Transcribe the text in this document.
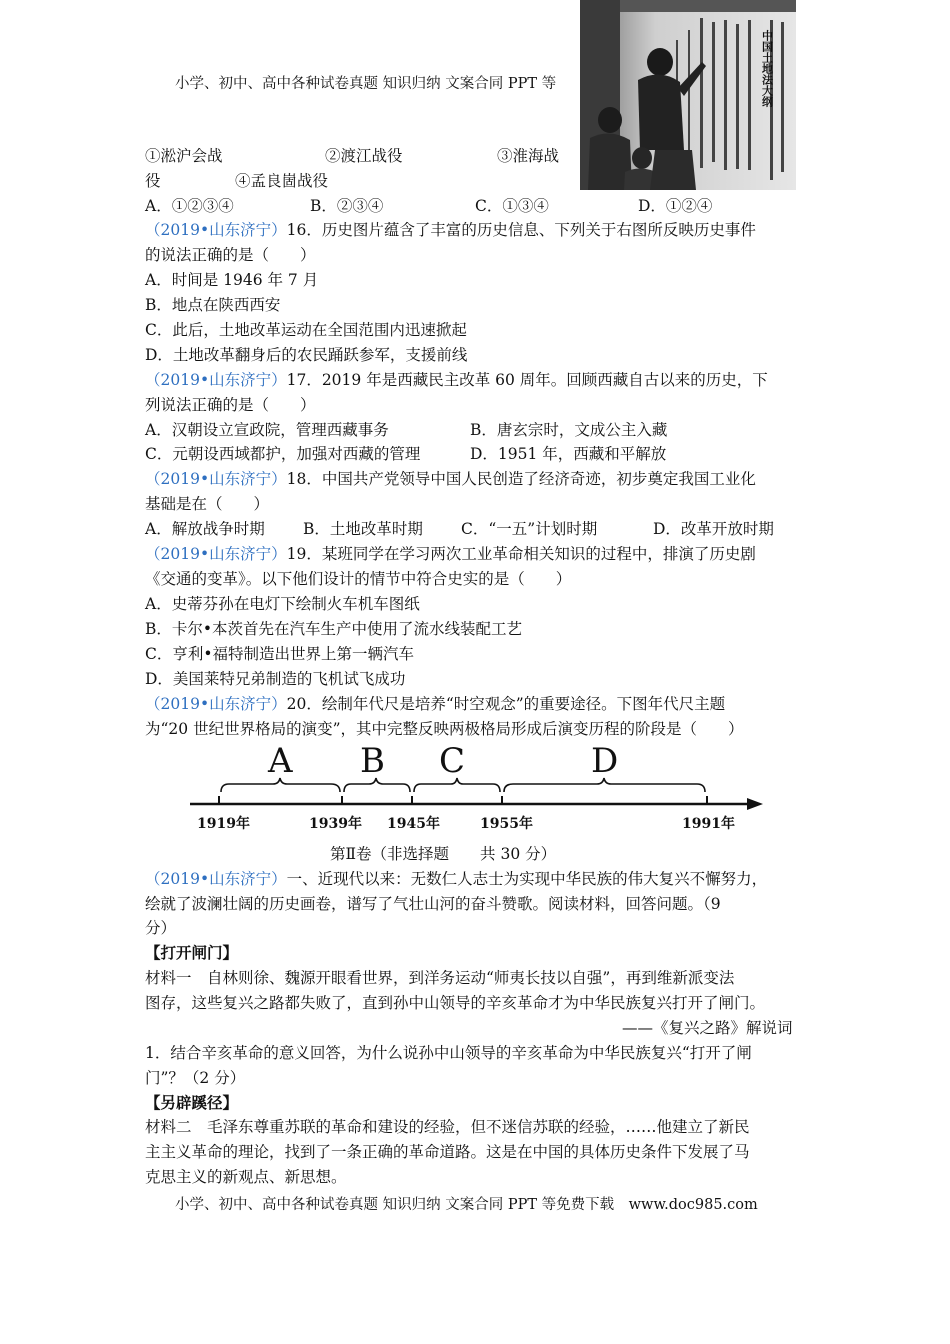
小学、初中、高中各种试卷真题 知识归纳 文案合同 PPT 等	中国土地法大纲
①淞沪会战	②渡江战役	③淮海战
役	④孟良崮战役
A．①②③④	B．②③④	C．①③④	D．①②④
（2019•山东济宁）16．历史图片蕴含了丰富的历史信息、下列关于右图所反映历史事件
的说法正确的是（　　）
A．时间是 1946 年 7 月
B．地点在陕西西安
C．此后，土地改革运动在全国范围内迅速掀起
D．土地改革翻身后的农民踊跃参军，支援前线
（2019•山东济宁）17．2019 年是西藏民主改革 60 周年。回顾西藏自古以来的历史，下
列说法正确的是（　　）
A．汉朝设立宣政院，管理西藏事务	B．唐玄宗时，文成公主入藏
C．元朝设西域都护，加强对西藏的管理	D．1951 年，西藏和平解放
（2019•山东济宁）18．中国共产党领导中国人民创造了经济奇迹，初步奠定我国工业化
基础是在（　　）
A．解放战争时期 B．土地改革时期 C．“一五”计划时期	D．改革开放时期
（2019•山东济宁）19．某班同学在学习两次工业革命相关知识的过程中，排演了历史剧
《交通的变革》。以下他们设计的情节中符合史实的是（　　）
A．史蒂芬孙在电灯下绘制火车机车图纸
B．卡尔•本茨首先在汽车生产中使用了流水线装配工艺
C．亨利•福特制造出世界上第一辆汽车
D．美国莱特兄弟制造的飞机试飞成功
（2019•山东济宁）20．绘制年代尺是培养“时空观念”的重要途径。下图年代尺主题
为“20 世纪世界格局的演变”，其中完整反映两极格局形成后演变历程的阶段是（　　）
A B C	D
1919年	1939年 1945年	1955年	1991年
第Ⅱ卷（非选择题　　共 30 分）
（2019•山东济宁）一、近现代以来：无数仁人志士为实现中华民族的伟大复兴不懈努力，
绘就了波澜壮阔的历史画卷，谱写了气壮山河的奋斗赞歌。阅读材料，回答问题。（9
分）
【打开闸门】
材料一　自林则徐、魏源开眼看世界，到洋务运动“师夷长技以自强”，再到维新派变法
图存，这些复兴之路都失败了，直到孙中山领导的辛亥革命才为中华民族复兴打开了闸门。
——《复兴之路》解说词
1．结合辛亥革命的意义回答，为什么说孙中山领导的辛亥革命为中华民族复兴“打开了闸
门”？（2 分）
【另辟蹊径】
材料二　毛泽东尊重苏联的革命和建设的经验，但不迷信苏联的经验，……他建立了新民
主主义革命的理论，找到了一条正确的革命道路。这是在中国的具体历史条件下发展了马
克思主义的新观点、新思想。
小学、初中、高中各种试卷真题 知识归纳 文案合同 PPT 等免费下载　www.doc985.com
